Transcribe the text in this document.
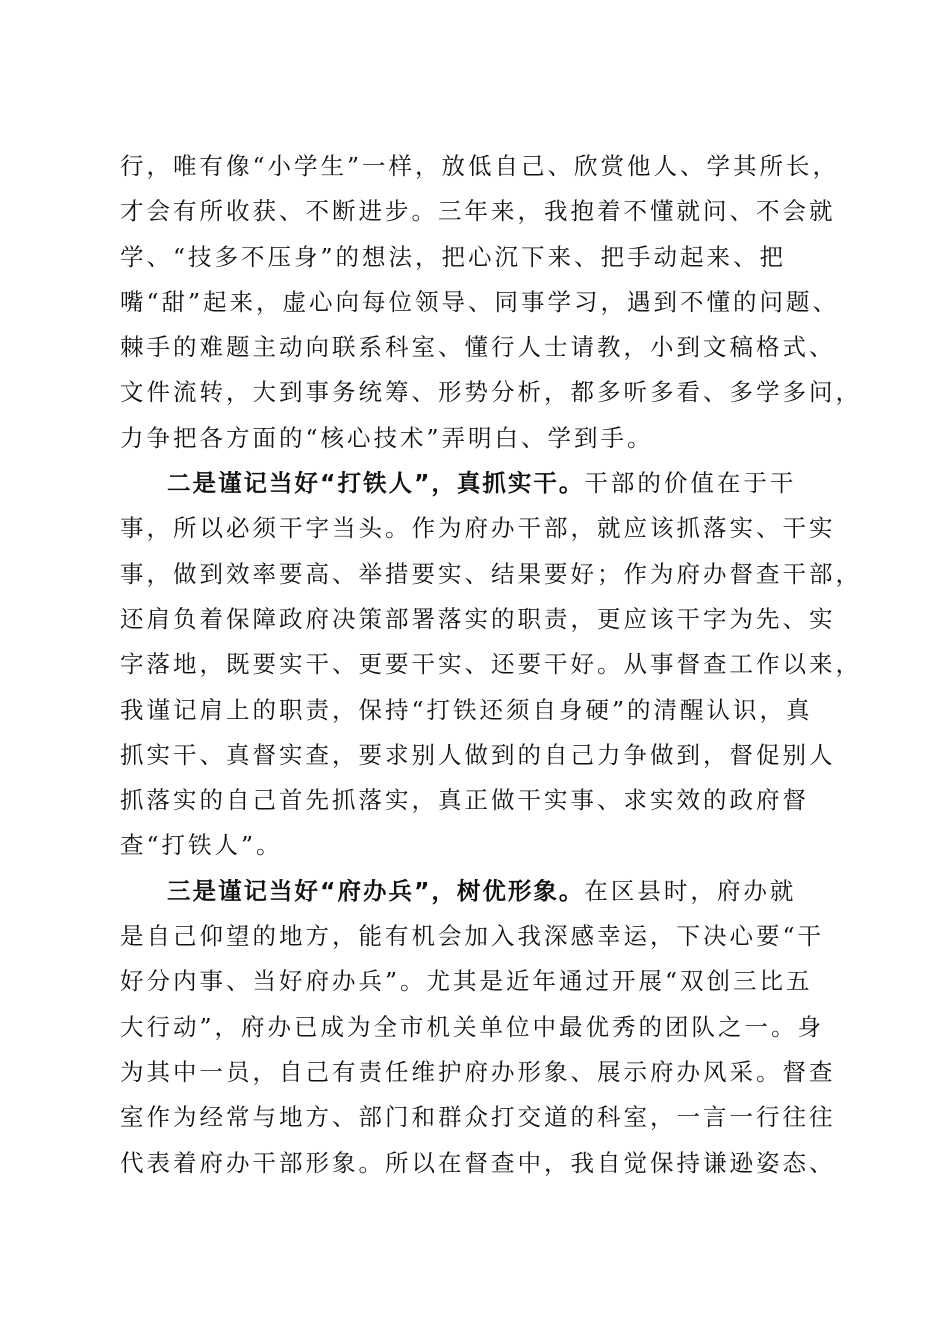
行，唯有像“小学生”一样，放低自己、欣赏他人、学其所长，
才会有所收获、不断进步。三年来，我抱着不懂就问、不会就
学、“技多不压身”的想法，把心沉下来、把手动起来、把
嘴“甜”起来，虚心向每位领导、同事学习，遇到不懂的问题、
棘手的难题主动向联系科室、懂行人士请教，小到文稿格式、
文件流转，大到事务统筹、形势分析，都多听多看、多学多问，
力争把各方面的“核心技术”弄明白、学到手。
二是谨记当好“打铁人”，真抓实干。干部的价值在于干
事，所以必须干字当头。作为府办干部，就应该抓落实、干实
事，做到效率要高、举措要实、结果要好；作为府办督查干部，
还肩负着保障政府决策部署落实的职责，更应该干字为先、实
字落地，既要实干、更要干实、还要干好。从事督查工作以来，
我谨记肩上的职责，保持“打铁还须自身硬”的清醒认识，真
抓实干、真督实查，要求别人做到的自己力争做到，督促别人
抓落实的自己首先抓落实，真正做干实事、求实效的政府督
查“打铁人”。
三是谨记当好“府办兵”，树优形象。在区县时，府办就
是自己仰望的地方，能有机会加入我深感幸运，下决心要“干
好分内事、当好府办兵”。尤其是近年通过开展“双创三比五
大行动”，府办已成为全市机关单位中最优秀的团队之一。身
为其中一员，自己有责任维护府办形象、展示府办风采。督查
室作为经常与地方、部门和群众打交道的科室，一言一行往往
代表着府办干部形象。所以在督查中，我自觉保持谦逊姿态、
